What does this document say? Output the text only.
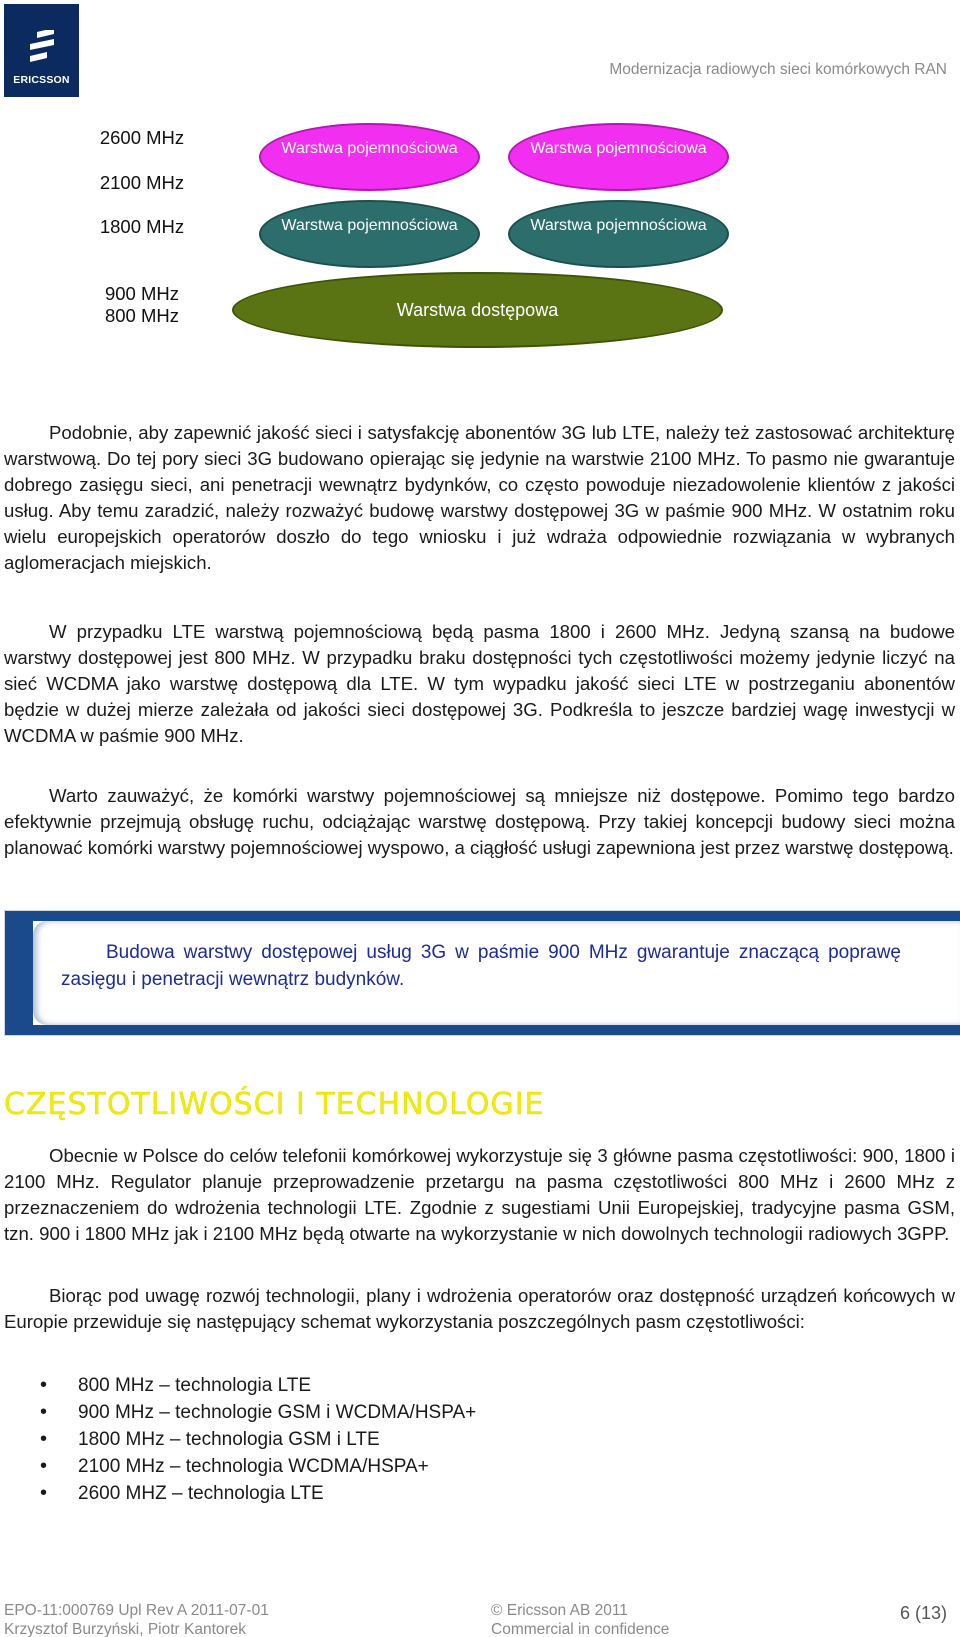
ERICSSON
Modernizacja radiowych sieci komórkowych RAN
2600 MHz
2100 MHz
1800 MHz
900 MHz
800 MHz
Warstwa pojemnościowa	Warstwa pojemnościowa
Warstwa pojemnościowa	Warstwa pojemnościowa
Warstwa dostępowa

Podobnie, aby zapewnić jakość sieci i satysfakcję abonentów 3G lub LTE, należy też zastosować architekturę warstwową. Do tej pory sieci 3G budowano opierając się jedynie na warstwie 2100 MHz. To pasmo nie gwarantuje dobrego zasięgu sieci, ani penetracji wewnątrz bydynków, co często powoduje niezadowolenie klientów z jakości usług. Aby temu zaradzić, należy rozważyć budowę warstwy dostępowej 3G w paśmie 900 MHz. W ostatnim roku wielu europejskich operatorów doszło do tego wniosku i już wdraża odpowiednie rozwiązania w wybranych aglomeracjach miejskich.

W przypadku LTE warstwą pojemnościową będą pasma 1800 i 2600 MHz. Jedyną szansą na budowe warstwy dostępowej jest 800 MHz. W przypadku braku dostępności tych częstotliwości możemy jedynie liczyć na sieć WCDMA jako warstwę dostępową dla LTE. W tym wypadku jakość sieci LTE w postrzeganiu abonentów będzie w dużej mierze zależała od jakości sieci dostępowej 3G. Podkreśla to jeszcze bardziej wagę inwestycji w WCDMA w paśmie 900 MHz.

Warto zauważyć, że komórki warstwy pojemnościowej są mniejsze niż dostępowe. Pomimo tego bardzo efektywnie przejmują obsługę ruchu, odciążając warstwę dostępową. Przy takiej koncepcji budowy sieci można planować komórki warstwy pojemnościowej wyspowo, a ciągłość usługi zapewniona jest przez warstwę dostępową.

Budowa warstwy dostępowej usług 3G w paśmie 900 MHz gwarantuje znaczącą poprawę zasięgu i penetracji wewnątrz budynków.
CZĘSTOTLIWOŚCI I TECHNOLOGIE

Obecnie w Polsce do celów telefonii komórkowej wykorzystuje się 3 główne pasma częstotliwości: 900, 1800 i 2100 MHz. Regulator planuje przeprowadzenie przetargu na pasma częstotliwości 800 MHz i 2600 MHz z przeznaczeniem do wdrożenia technologii LTE. Zgodnie z sugestiami Unii Europejskiej, tradycyjne pasma GSM, tzn. 900 i 1800 MHz jak i 2100 MHz będą otwarte na wykorzystanie w nich dowolnych technologii radiowych 3GPP.

Biorąc pod uwagę rozwój technologii, plany i wdrożenia operatorów oraz dostępność urządzeń końcowych w Europie przewiduje się następujący schemat wykorzystania poszczególnych pasm częstotliwości:

• 800 MHz – technologia LTE
• 900 MHz – technologie GSM i WCDMA/HSPA+
• 1800 MHz – technologia GSM i LTE
• 2100 MHz – technologia WCDMA/HSPA+
• 2600 MHZ – technologia LTE
EPO-11:000769 Upl Rev A 2011-07-01
Krzysztof Burzyński, Piotr Kantorek
© Ericsson AB 2011
Commercial in confidence
6 (13)
